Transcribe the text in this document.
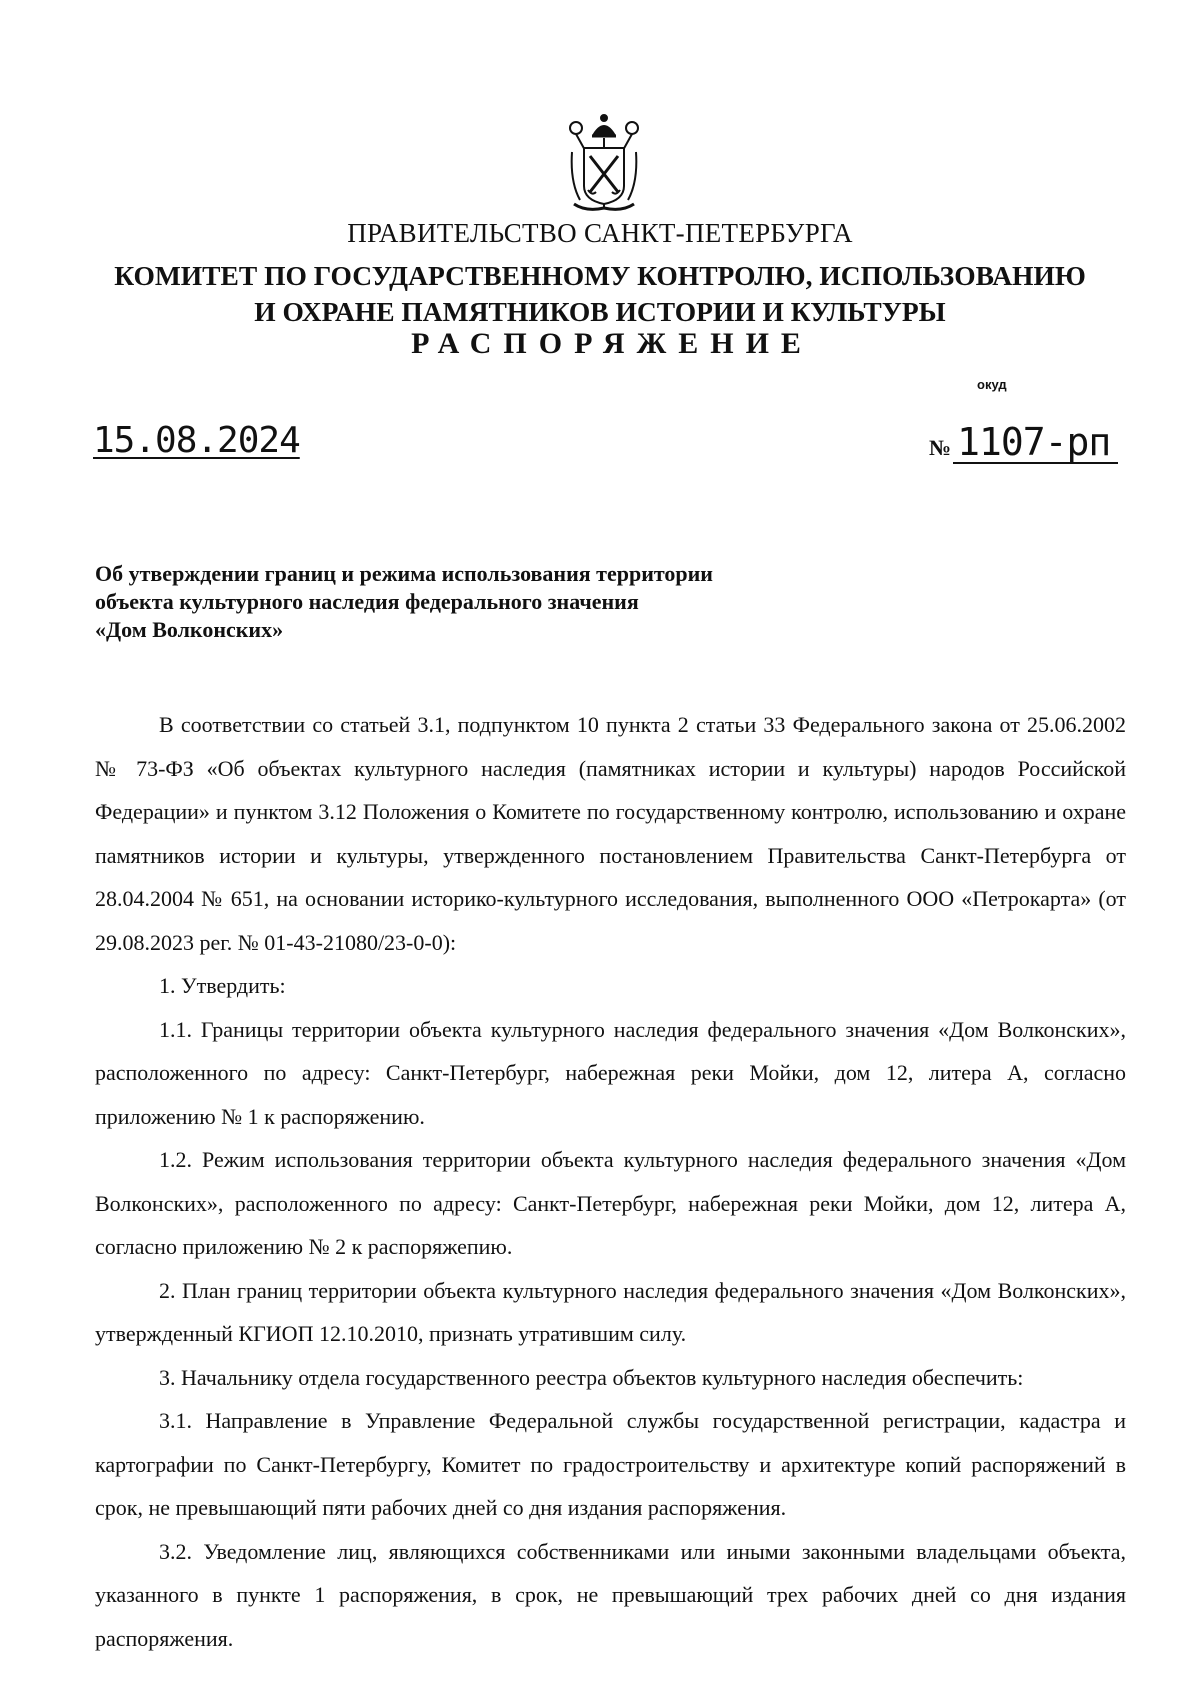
ПРАВИТЕЛЬСТВО САНКТ-ПЕТЕРБУРГА
КОМИТЕТ ПО ГОСУДАРСТВЕННОМУ КОНТРОЛЮ, ИСПОЛЬЗОВАНИЮ
И ОХРАНЕ ПАМЯТНИКОВ ИСТОРИИ И КУЛЬТУРЫ
РАСПОРЯЖЕНИЕ
окуд
15.08.2024	№ 1107-рп
Об утверждении границ и режима использования территории
объекта культурного наследия федерального значения
«Дом Волконских»

В соответствии со статьей 3.1, подпунктом 10 пункта 2 статьи 33 Федерального закона от 25.06.2002 № 73-ФЗ «Об объектах культурного наследия (памятниках истории и культуры) народов Российской Федерации» и пунктом 3.12 Положения о Комитете по государственному контролю, использованию и охране памятников истории и культуры, утвержденного постановлением Правительства Санкт-Петербурга от 28.04.2004 № 651, на основании историко-культурного исследования, выполненного ООО «Петрокарта» (от 29.08.2023 рег. № 01-43-21080/23-0-0):

1. Утвердить:

1.1. Границы территории объекта культурного наследия федерального значения «Дом Волконских», расположенного по адресу: Санкт-Петербург, набережная реки Мойки, дом 12, литера А, согласно приложению № 1 к распоряжению.

1.2. Режим использования территории объекта культурного наследия федерального значения «Дом Волконских», расположенного по адресу: Санкт-Петербург, набережная реки Мойки, дом 12, литера А, согласно приложению № 2 к распоряжепию.

2. План границ территории объекта культурного наследия федерального значения «Дом Волконских», утвержденный КГИОП 12.10.2010, признать утратившим силу.

3. Начальнику отдела государственного реестра объектов культурного наследия обеспечить:

3.1. Направление в Управление Федеральной службы государственной регистрации, кадастра и картографии по Санкт-Петербургу, Комитет по градостроительству и архитектуре копий распоряжений в срок, не превышающий пяти рабочих дней со дня издания распоряжения.

3.2. Уведомление лиц, являющихся собственниками или иными законными владельцами объекта, указанного в пункте 1 распоряжения, в срок, не превышающий трех рабочих дней со дня издания распоряжения.
